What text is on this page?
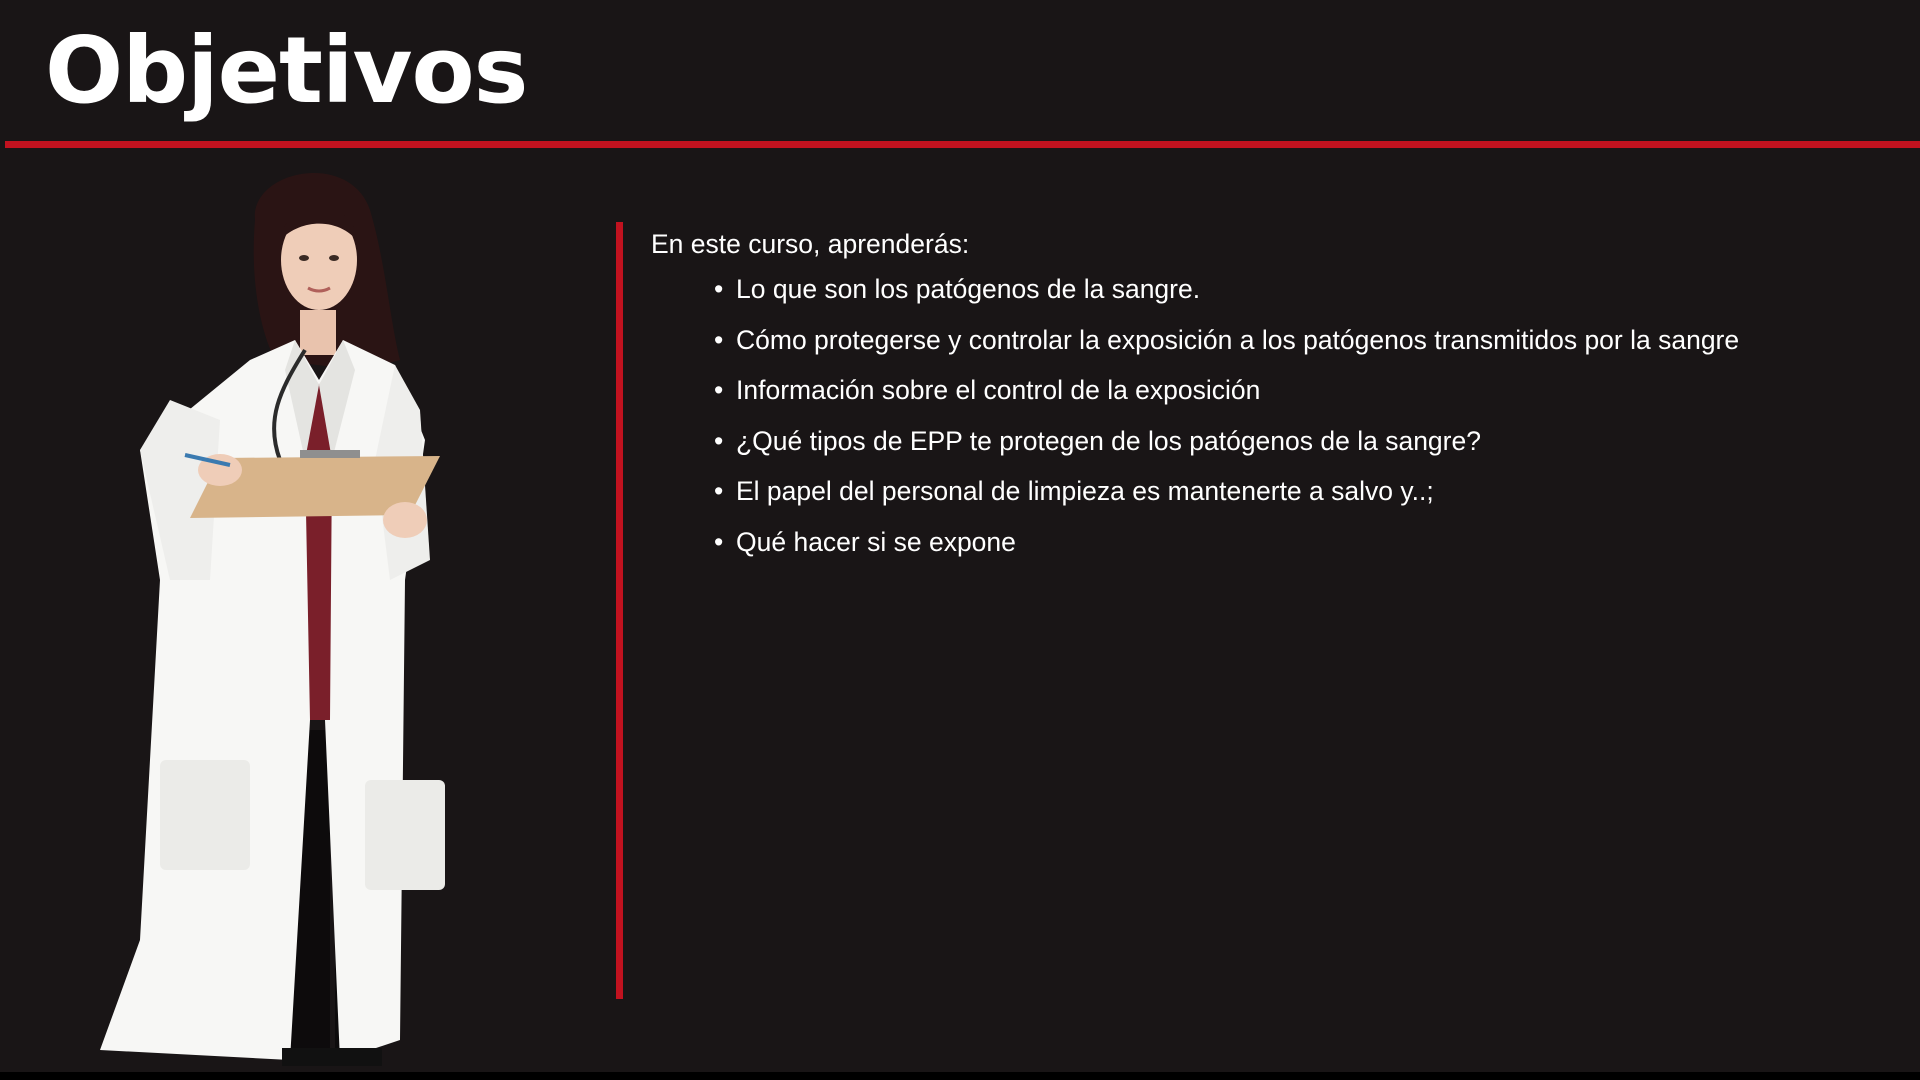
Objetivos

En este curso, aprenderás:

• Lo que son los patógenos de la sangre.
• Cómo protegerse y controlar la exposición a los patógenos transmitidos por la sangre
• Información sobre el control de la exposición
• ¿Qué tipos de EPP te protegen de los patógenos de la sangre?
• El papel del personal de limpieza es mantenerte a salvo y..;
• Qué hacer si se expone
